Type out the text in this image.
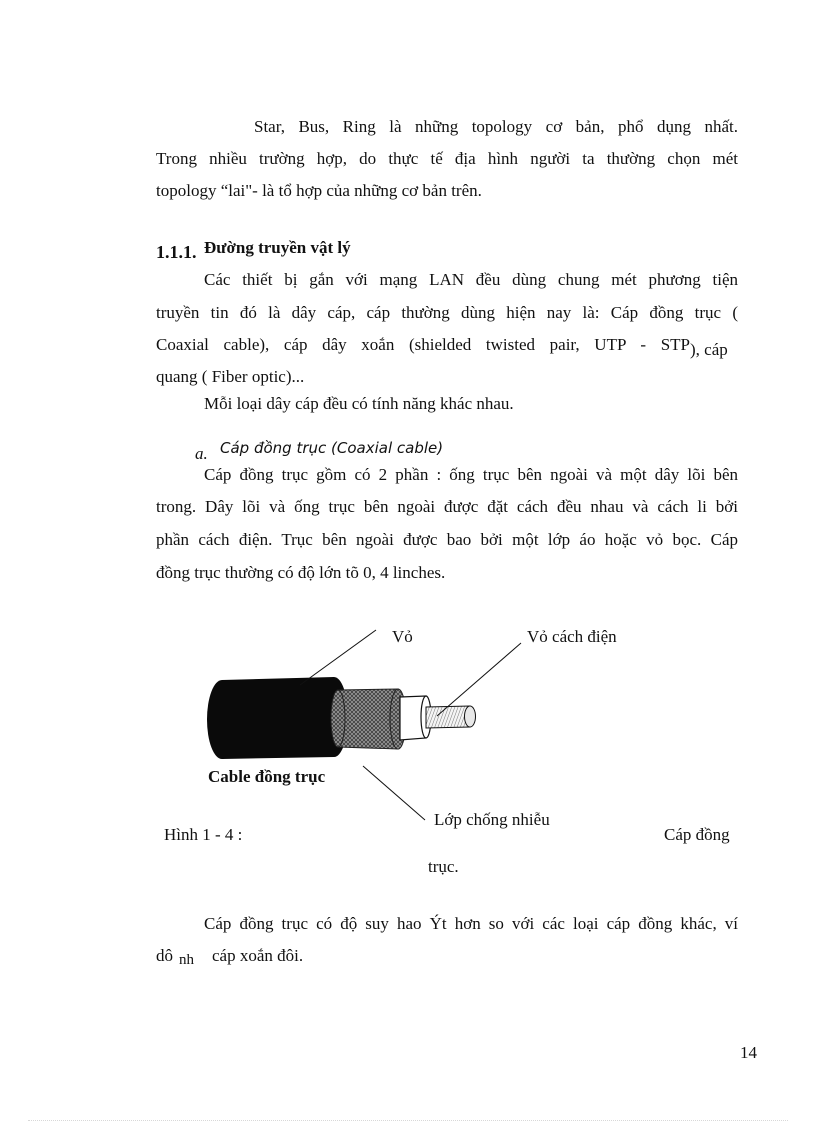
Star, Bus, Ring là những topology cơ bản, phổ dụng nhất.
Trong nhiều trường hợp, do thực tế địa hình người ta thường chọn mét
topology “lai"- là tổ hợp của những cơ bản trên.
1.1.1. Đường truyền vật lý
Các thiết bị gắn với mạng LAN đều dùng chung mét phương tiện
truyền tin đó là dây cáp, cáp thường dùng hiện nay là: Cáp đồng trục (
Coaxial cable), cáp dây xoắn (shielded twisted pair, UTP - STP ), cáp
quang ( Fiber optic)...
Mỗi loại dây cáp đều có tính năng khác nhau.
a. Cáp đồng trục (Coaxial cable)
Cáp đồng trục gồm có 2 phần : ống trục bên ngoài và một dây lõi bên
trong. Dây lõi và ống trục bên ngoài được đặt cách đều nhau và cách li bởi
phần cách điện. Trục bên ngoài được bao bởi một lớp áo hoặc vỏ bọc. Cáp
đồng trục thường có độ lớn tõ 0, 4 linches.
Vỏ	Vỏ cách điện
Cable đồng trục
Lớp chống nhiễu
Hình 1 - 4 :	Cáp đồng
trục.
Cáp đồng trục có độ suy hao Ýt hơn so với các loại cáp đồng khác, ví
dô nh cáp xoắn đôi.
14
